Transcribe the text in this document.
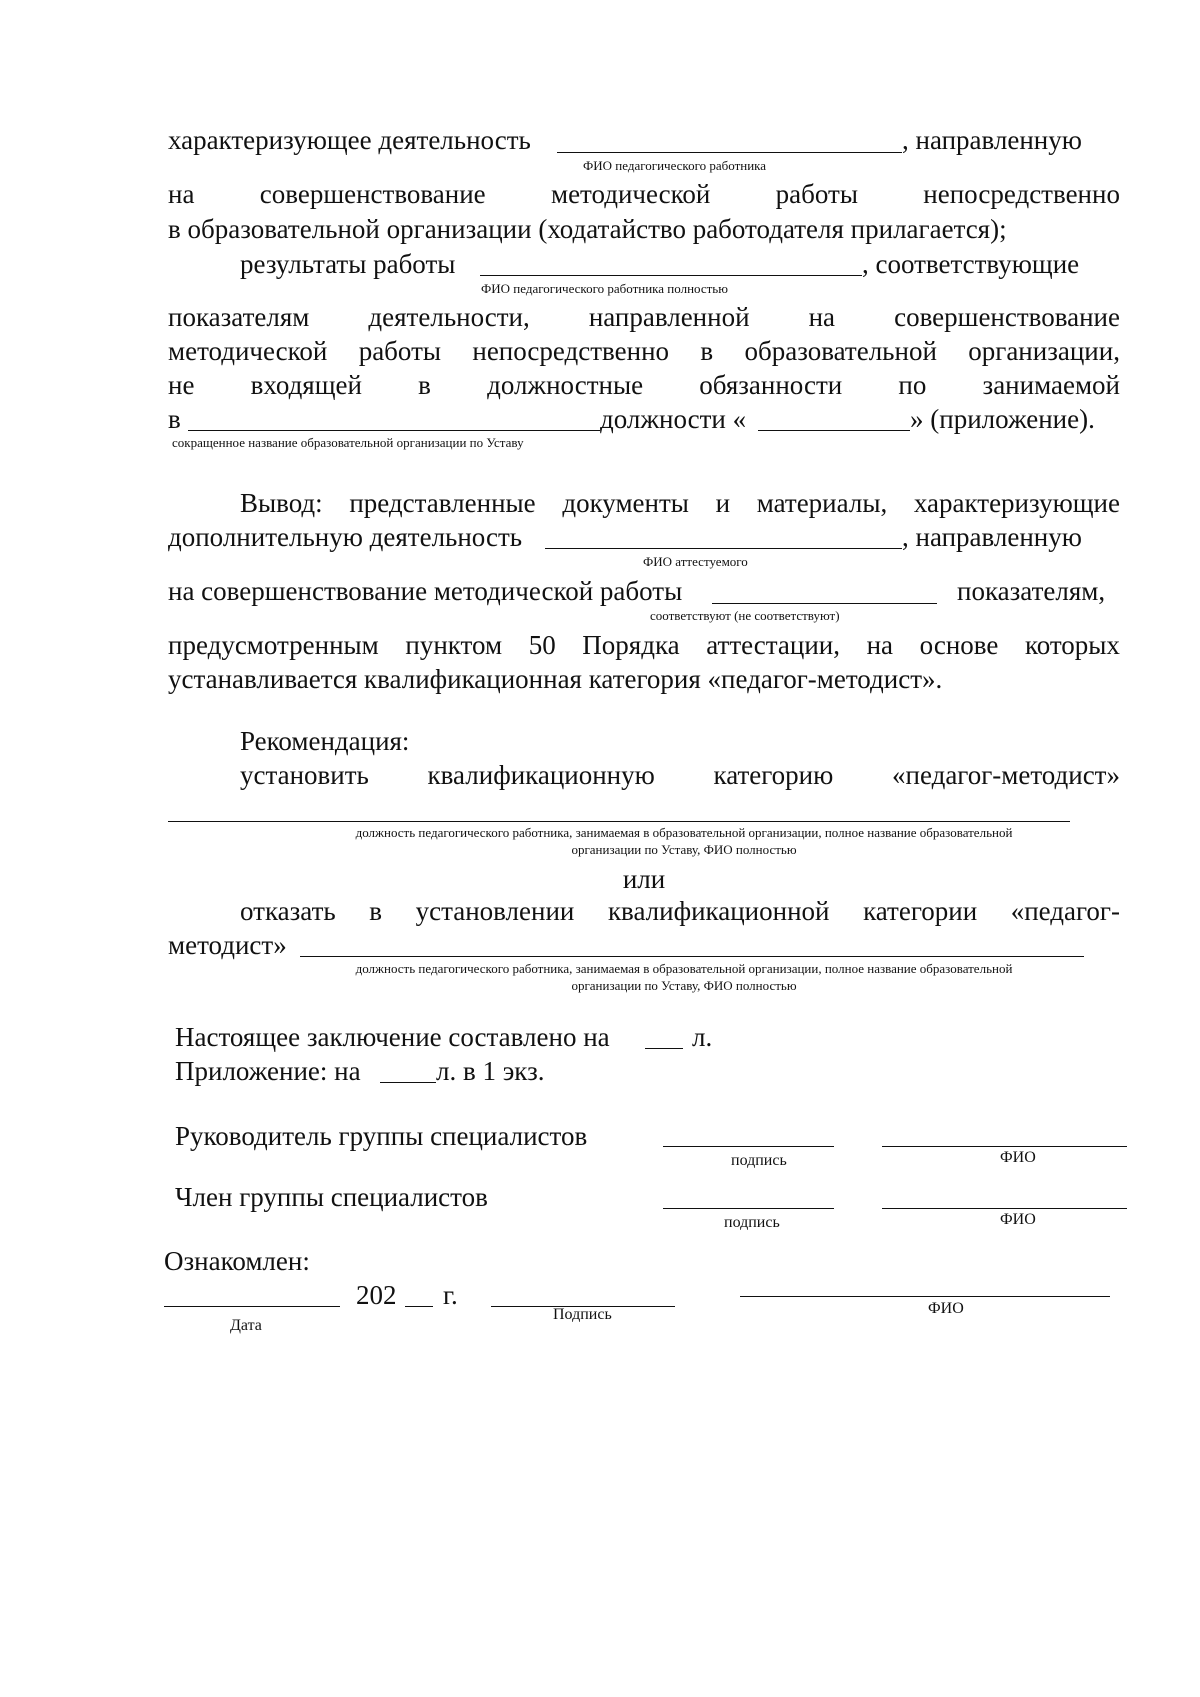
характеризующее деятельность	, направленную
ФИО педагогического работника
на совершенствование методической работы непосредственно
в образовательной организации (ходатайство работодателя прилагается);
результаты работы	, соответствующие
ФИО педагогического работника полностью
показателям деятельности, направленной на совершенствование
методической работы непосредственно в образовательной организации,
не входящей в должностные обязанности по занимаемой
в	должности «	» (приложение).
сокращенное название образовательной организации по Уставу
Вывод: представленные документы и материалы, характеризующие
дополнительную деятельность	, направленную
ФИО аттестуемого
на совершенствование методической работы	показателям,
соответствуют (не соответствуют)
предусмотренным пунктом 50 Порядка аттестации, на основе которых
устанавливается квалификационная категория «педагог-методист».
Рекомендация:
установить квалификационную категорию «педагог-методист»
должность педагогического работника, занимаемая в образовательной организации, полное название образовательной
организации по Уставу, ФИО полностью
или
отказать в установлении квалификационной категории «педагог-
методист»
должность педагогического работника, занимаемая в образовательной организации, полное название образовательной
организации по Уставу, ФИО полностью
Настоящее заключение составлено на	л.
Приложение: на	л. в 1 экз.
Руководитель группы специалистов
подпись	ФИО
Член группы специалистов
подпись	ФИО
Ознакомлен:
202 г.
Дата
Подпись	ФИО
